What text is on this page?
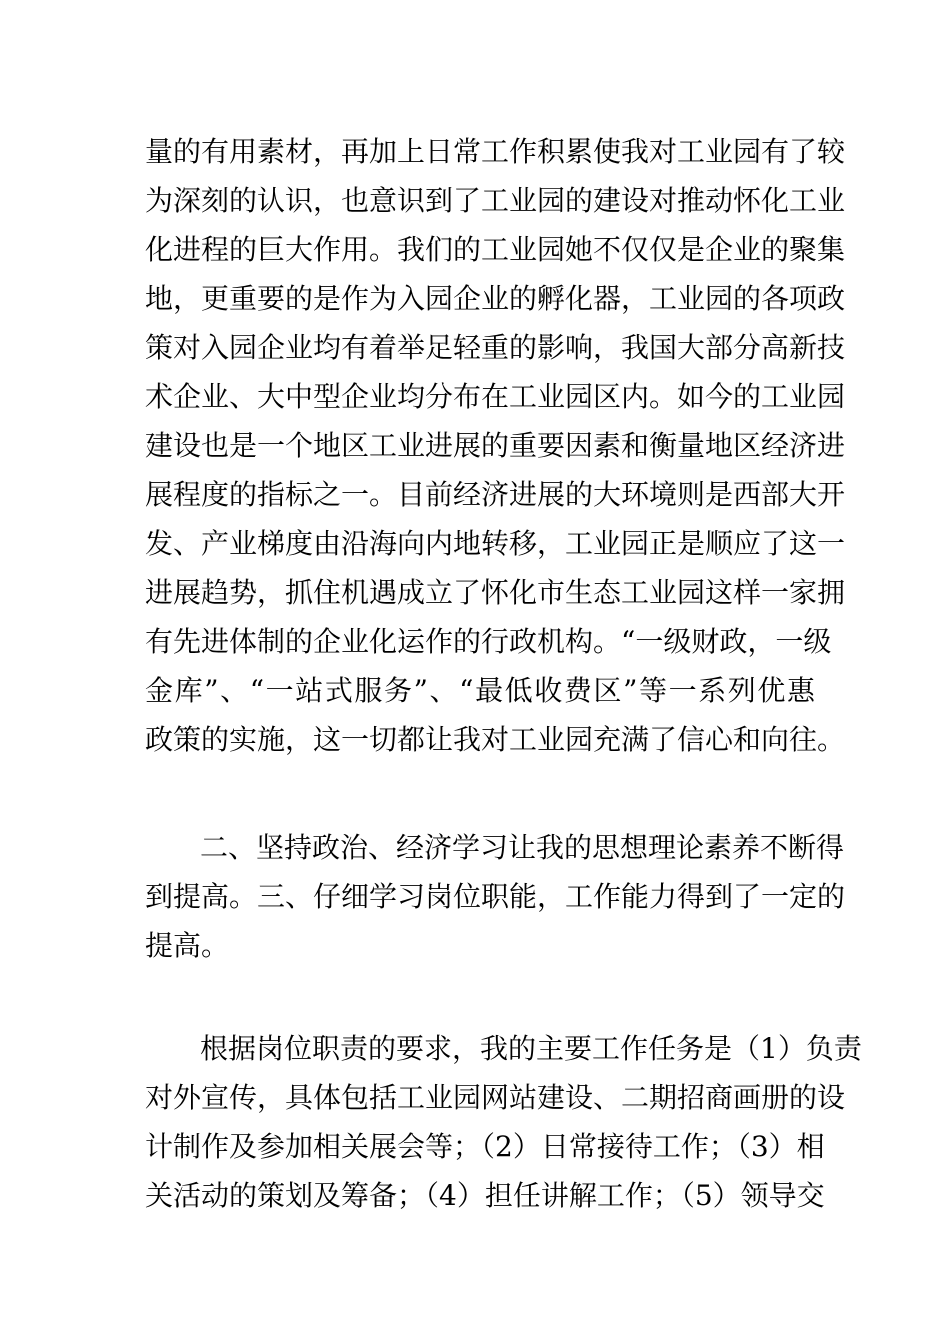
量的有用素材，再加上日常工作积累使我对工业园有了较

为深刻的认识，也意识到了工业园的建设对推动怀化工业

化进程的巨大作用。我们的工业园她不仅仅是企业的聚集

地，更重要的是作为入园企业的孵化器，工业园的各项政

策对入园企业均有着举足轻重的影响，我国大部分高新技

术企业、大中型企业均分布在工业园区内。如今的工业园

建设也是一个地区工业进展的重要因素和衡量地区经济进

展程度的指标之一。目前经济进展的大环境则是西部大开

发、产业梯度由沿海向内地转移，工业园正是顺应了这一

进展趋势，抓住机遇成立了怀化市生态工业园这样一家拥

有先进体制的企业化运作的行政机构。“一级财政，一级

金库”、“一站式服务”、“最低收费区”等一系列优惠

政策的实施，这一切都让我对工业园充满了信心和向往。

二、坚持政治、经济学习让我的思想理论素养不断得

到提高。三、仔细学习岗位职能，工作能力得到了一定的

提高。

根据岗位职责的要求，我的主要工作任务是（1）负责

对外宣传，具体包括工业园网站建设、二期招商画册的设

计制作及参加相关展会等；（2）日常接待工作；（3）相

关活动的策划及筹备；（4）担任讲解工作；（5）领导交
